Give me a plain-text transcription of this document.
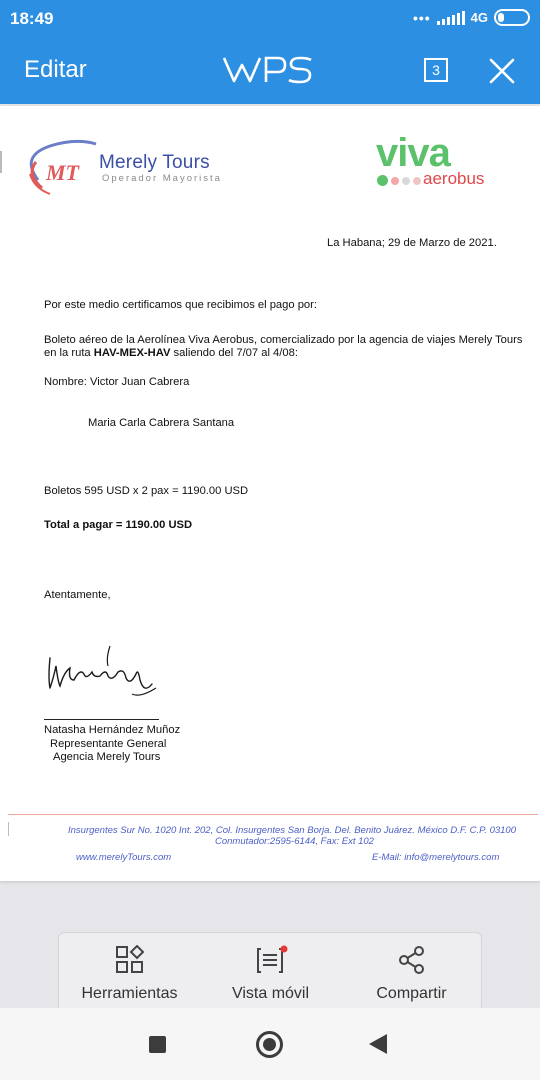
18:49	•••	4G 19
Editar	3
MT Merely Tours
Operador Mayorista
viva
aerobus
La Habana; 29 de Marzo de 2021.
Por este medio certificamos que recibimos el pago por:
Boleto aéreo de la Aerolínea Viva Aerobus, comercializado por la agencia de viajes Merely Tours
en la ruta HAV-MEX-HAV saliendo del 7/07 al 4/08:
Nombre: Victor Juan Cabrera
Maria Carla Cabrera Santana
Boletos 595 USD x 2 pax = 1190.00 USD
Total a pagar = 1190.00 USD
Atentamente,
Natasha Hernández Muñoz
Representante General
Agencia Merely Tours
Insurgentes Sur No. 1020 Int. 202, Col. Insurgentes San Borja. Del. Benito Juárez. México D.F. C.P. 03100
Conmutador:2595-6144, Fax: Ext 102
www.merelyTours.com	E-Mail: info@merelytours.com
Herramientas	Vista móvil	Compartir
